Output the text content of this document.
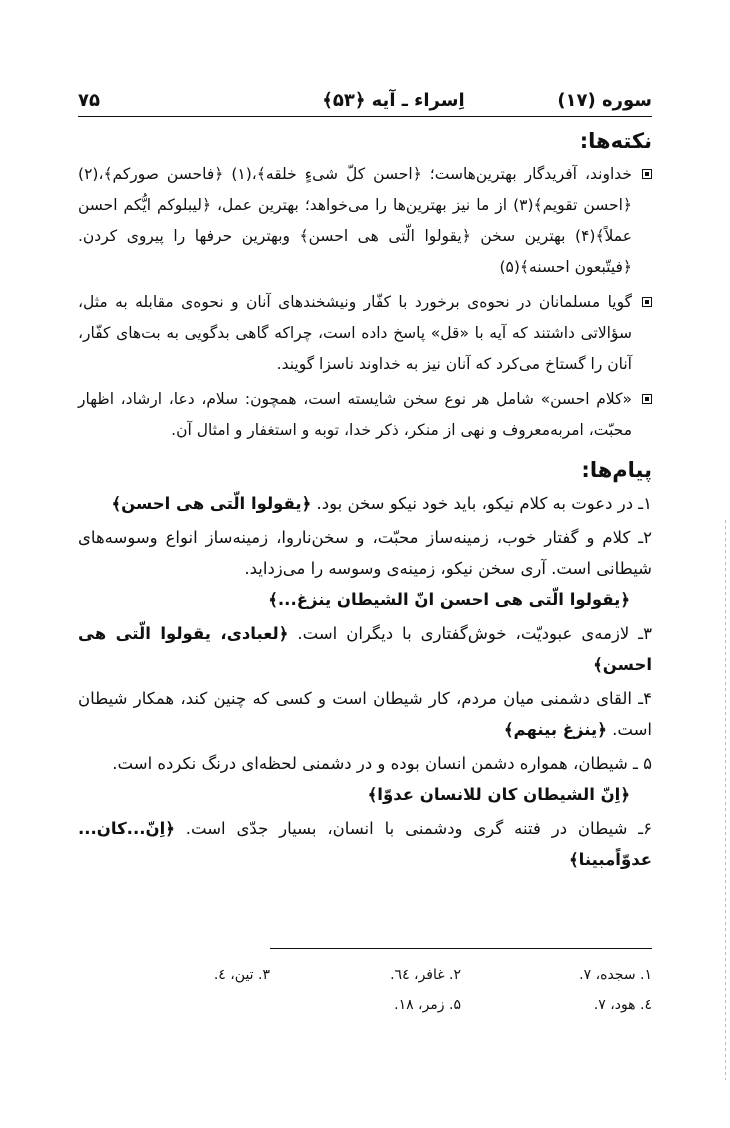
سوره (۱۷)
اِسراء ـ آیه ﴿۵۳﴾
۷۵
نکته‌ها:
خداوند، آفریدگار بهترین‌هاست؛ ﴿احسن کلّ شیءٍ خلقه﴾،(۱) ﴿فاحسن صورکم﴾،(۲) ﴿احسن تقویم﴾(۳) از ما نیز بهترین‌ها را می‌خواهد؛ بهترین عمل، ﴿لیبلوکم ایُّکم احسن عملاً﴾(۴) بهترین سخن ﴿یقولوا الّتی هی احسن﴾ وبهترین حرفها را پیروی کردن. ﴿فیتّبعون احسنه﴾(۵)
گویا مسلمانان در نحوه‌ی برخورد با کفّار ونیشخندهای آنان و نحوه‌ی مقابله به مثل، سؤالاتی داشتند که آیه با «قل» پاسخ داده است، چراکه گاهی بدگویی به بت‌های کفّار، آنان را گستاخ می‌کرد که آنان نیز به خداوند ناسزا گویند.
«کلام احسن» شامل هر نوع سخن شایسته است، همچون: سلام، دعا، ارشاد، اظهار محبّت، امربه‌معروف و نهی از منکر، ذکر خدا، توبه و استغفار و امثال آن.
پیام‌ها:
۱ـ در دعوت به کلام نیکو، باید خود نیکو سخن بود. ﴿یقولوا الّتی هی احسن﴾
۲ـ کلام و گفتار خوب، زمینه‌ساز محبّت، و سخن‌ناروا، زمینه‌ساز انواع وسوسه‌های شیطانی است. آری سخن نیکو، زمینه‌ی وسوسه را می‌زداید.
﴿یقولوا الّتی هی احسن انّ الشیطان ینزغ...﴾
۳ـ لازمه‌ی عبودیّت، خوش‌گفتاری با دیگران است. ﴿لعبادی، یقولوا الّتی هی احسن﴾
۴ـ القای دشمنی میان مردم، کار شیطان است و کسی که چنین کند، همکار شیطان است. ﴿ینزغ بینهم﴾
۵ ـ شیطان، همواره دشمن انسان بوده و در دشمنی لحظه‌ای درنگ نکرده است.
﴿اِنّ الشیطان کان للانسان عدوّا﴾
۶ـ شیطان در فتنه گری ودشمنی با انسان، بسیار جدّی است. ﴿اِنّ...کان... عدوّاًمبینا﴾
۱. سجده، ۷.
۲. غافر، ٦٤.
۳. تین، ٤.
٤. هود، ۷.
۵. زمر، ۱۸.
